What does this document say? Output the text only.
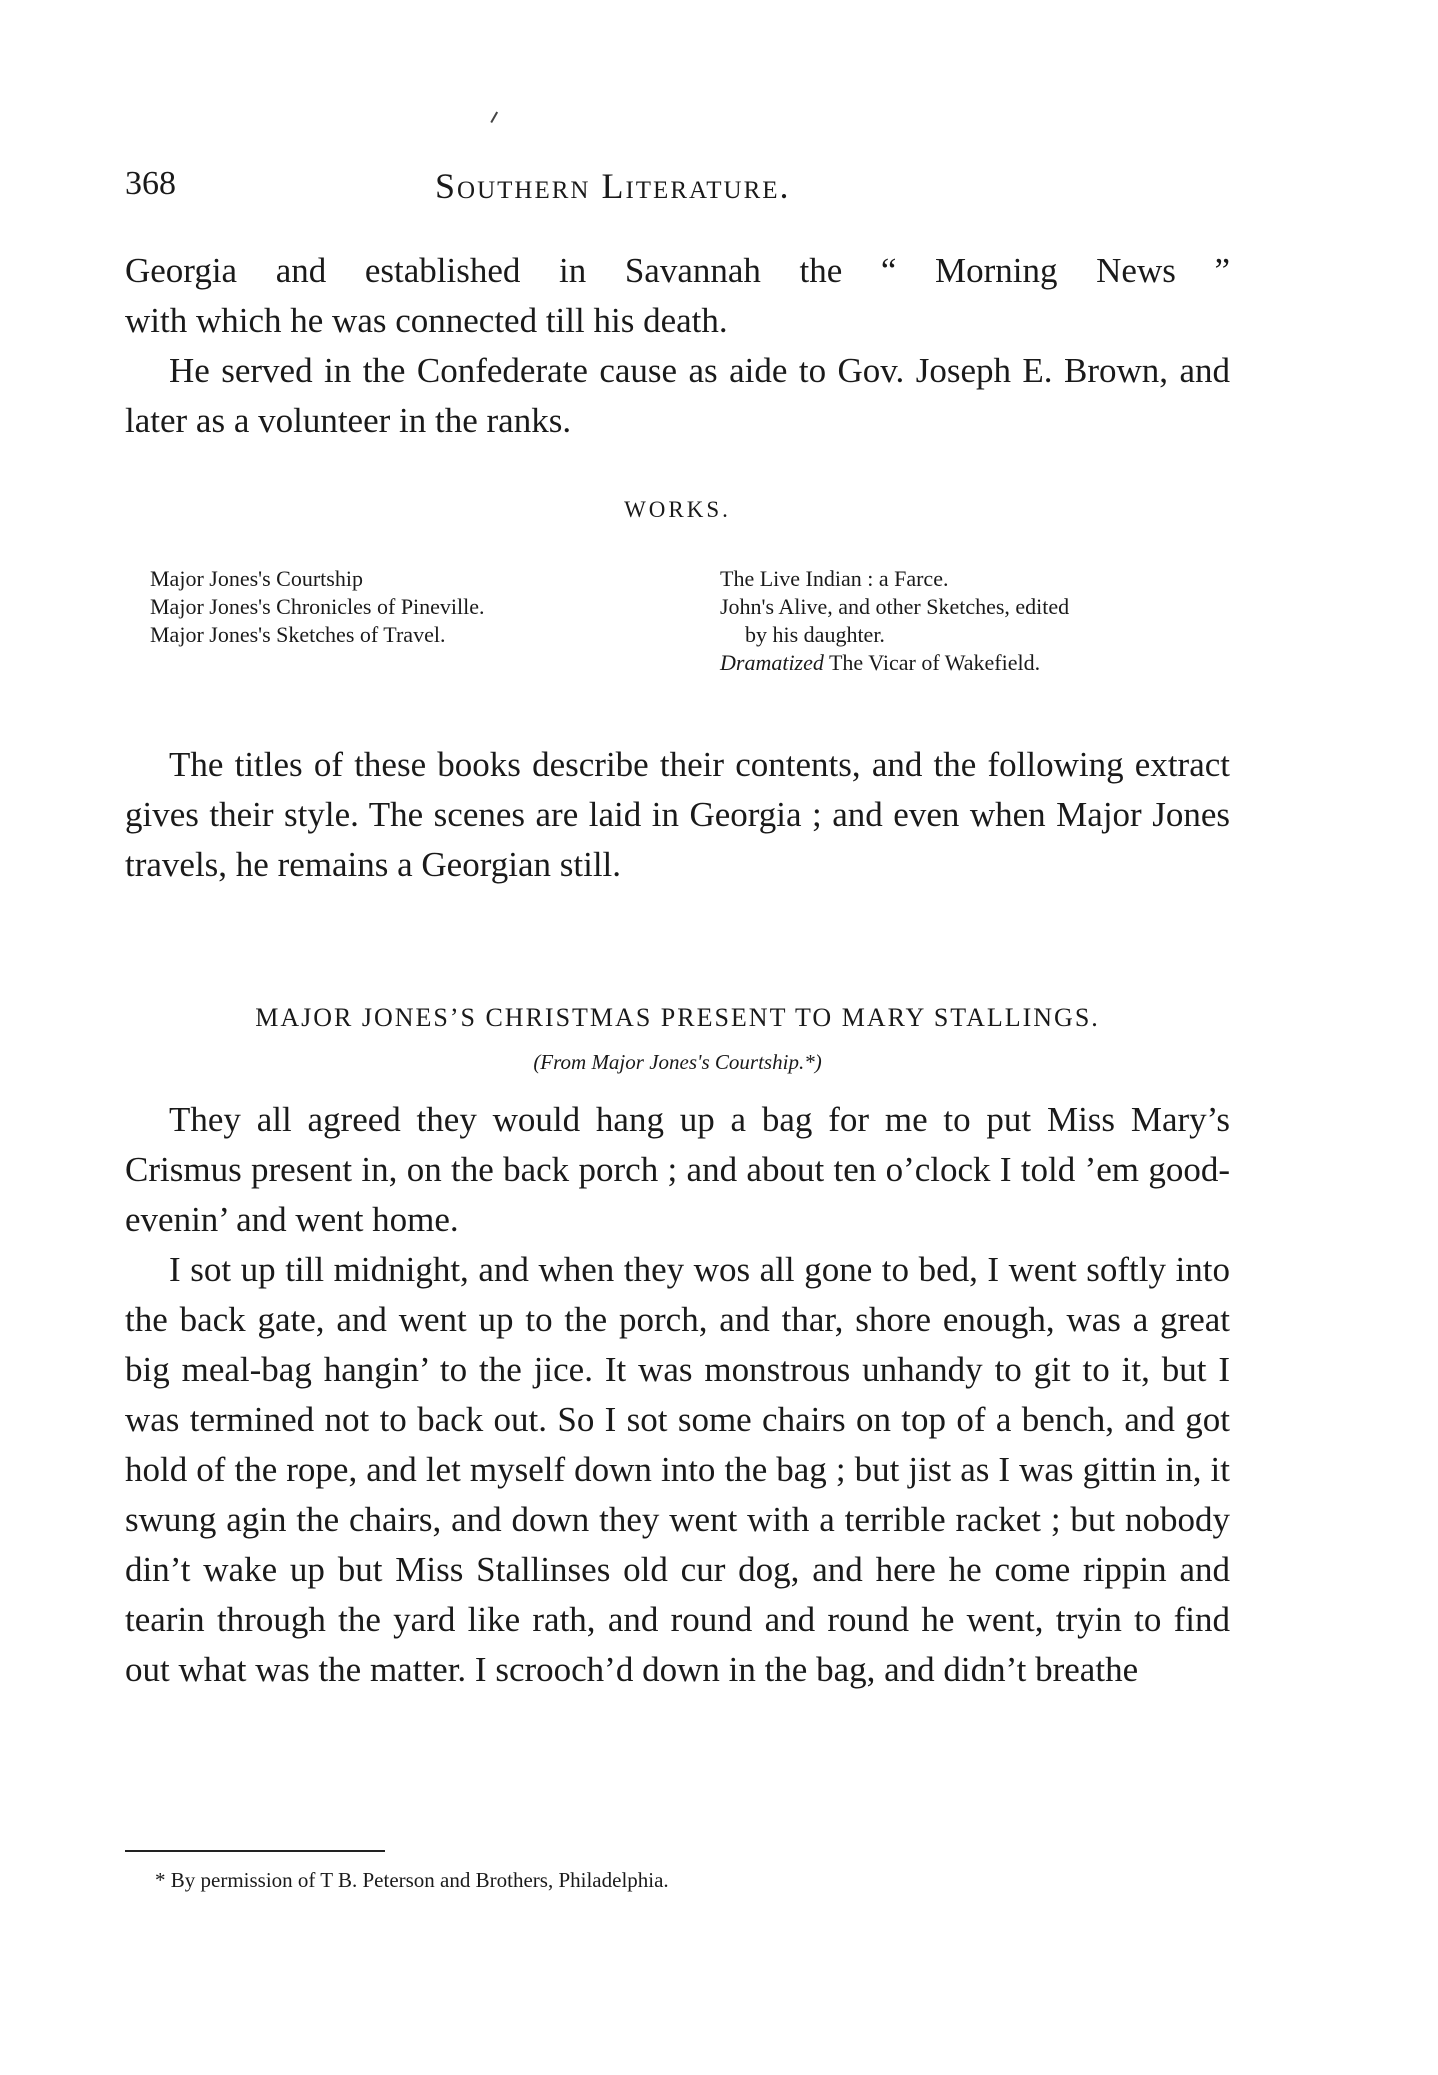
368	Southern Literature.

Georgia and established in Savannah the “ Morning News ”

with which he was connected till his death.

He served in the Confederate cause as aide to Gov. Joseph E. Brown, and later as a volunteer in the ranks.

WORKS.
Major Jones's Courtship
Major Jones's Chronicles of Pineville.
Major Jones's Sketches of Travel.
The Live Indian : a Farce.
John's Alive, and other Sketches, edited
by his daughter.
Dramatized The Vicar of Wakefield.

The titles of these books describe their contents, and the following extract gives their style. The scenes are laid in Georgia ; and even when Major Jones travels, he remains a Georgian still.

MAJOR JONES’S CHRISTMAS PRESENT TO MARY STALLINGS.
(From Major Jones's Courtship.*)

They all agreed they would hang up a bag for me to put Miss Mary’s Crismus present in, on the back porch ; and about ten o’clock I told ’em good-evenin’ and went home.

I sot up till midnight, and when they wos all gone to bed, I went softly into the back gate, and went up to the porch, and thar, shore enough, was a great big meal-bag hangin’ to the jice. It was monstrous unhandy to git to it, but I was termined not to back out. So I sot some chairs on top of a bench, and got hold of the rope, and let myself down into the bag ; but jist as I was gittin in, it swung agin the chairs, and down they went with a terrible racket ; but nobody din’t wake up but Miss Stallinses old cur dog, and here he come rippin and tearin through the yard like rath, and round and round he went, tryin to find out what was the matter. I scrooch’d down in the bag, and didn’t breathe

* By permission of T B. Peterson and Brothers, Philadelphia.
